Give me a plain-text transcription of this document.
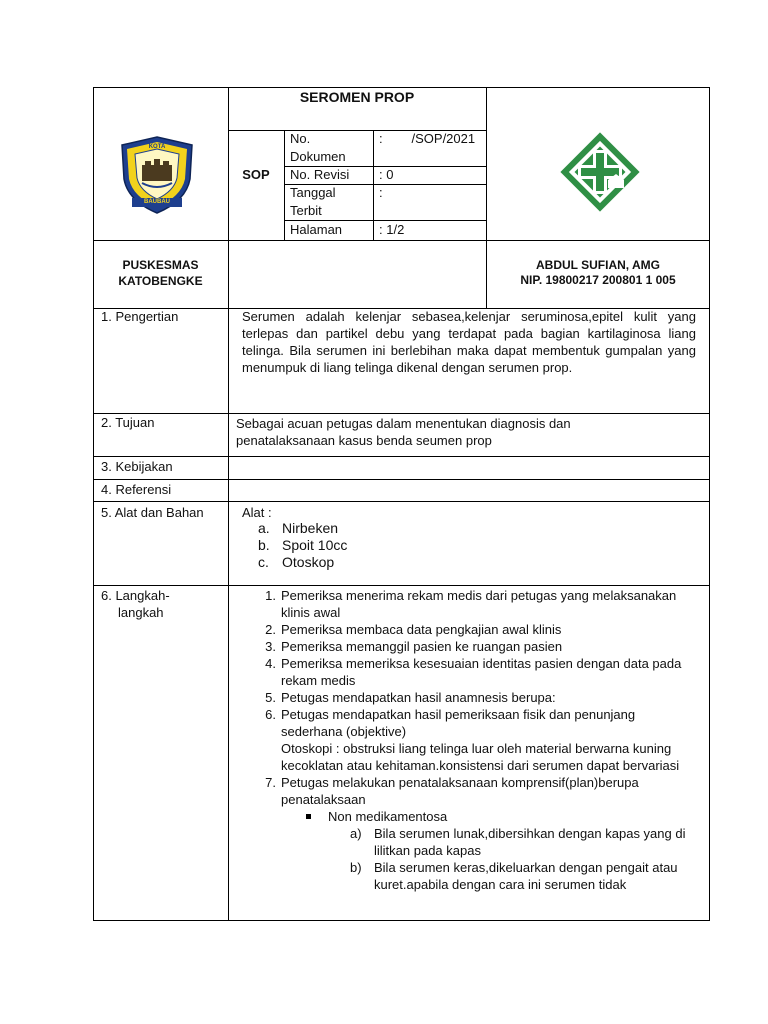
KOTA
BAUBAU
SEROMEN PROP
SOP
No. Dokumen
:        /SOP/2021
No. Revisi : 0
Tanggal Terbit
:
Halaman	: 1/2
PUSKESMAS
KATOBENGKE
ABDUL SUFIAN, AMG
NIP. 19800217 200801 1 005
1. Pengertian	Serumen adalah kelenjar sebasea,kelenjar seruminosa,epitel kulit yang terlepas dan partikel debu yang terdapat pada bagian kartilaginosa liang telinga. Bila serumen ini berlebihan maka dapat membentuk gumpalan yang menumpuk di liang telinga dikenal dengan serumen prop.
2. Tujuan	Sebagai acuan petugas dalam menentukan diagnosis dan penatalaksanaan kasus benda seumen prop
3. Kebijakan
4. Referensi
5. Alat dan Bahan	Alat :
a. Nirbeken
b. Spoit 10cc
c. Otoskop
6. Langkah-
langkah
1. Pemeriksa menerima rekam medis dari petugas yang melaksanakan klinis awal
2. Pemeriksa membaca data pengkajian awal klinis
3. Pemeriksa memanggil pasien ke ruangan pasien
4. Pemeriksa memeriksa kesesuaian identitas pasien dengan data pada rekam medis
5. Petugas mendapatkan hasil anamnesis berupa:
6. Petugas mendapatkan hasil pemeriksaan fisik dan penunjang sederhana (objektive)
Otoskopi : obstruksi liang telinga luar oleh material berwarna kuning kecoklatan atau kehitaman.konsistensi dari serumen dapat bervariasi
7. Petugas melakukan penatalaksanaan komprensif(plan)berupa penatalaksaan
Non medikamentosa
a) Bila serumen lunak,dibersihkan dengan kapas yang di lilitkan pada kapas
b) Bila serumen keras,dikeluarkan dengan pengait atau kuret.apabila dengan cara ini serumen tidak
